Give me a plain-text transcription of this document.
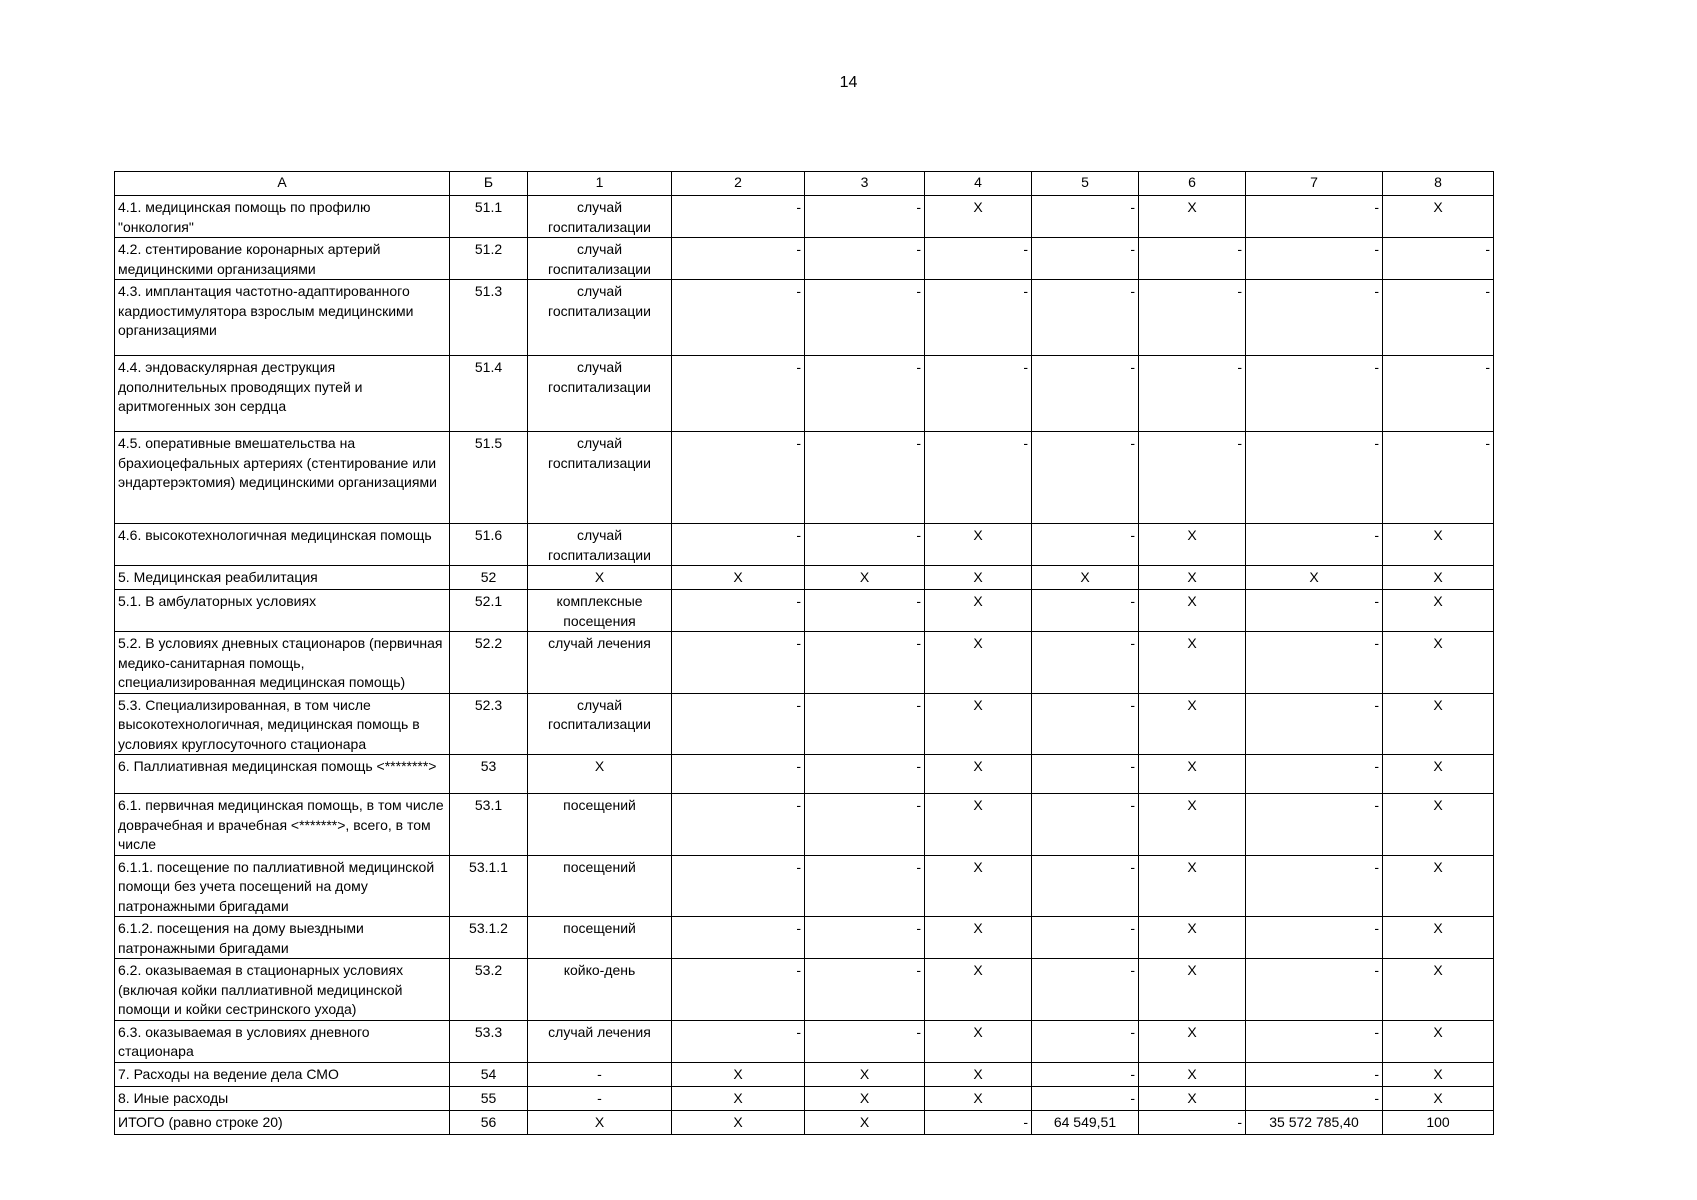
14
А	Б	1	2	3	4	5	6	7	8
4.1. медицинская помощь по профилю "онкология"	51.1	случай госпитализации	-	-	Х	-	Х	-	Х
4.2. стентирование коронарных артерий медицинскими организациями	51.2	случай госпитализации	-	-	-	-	-	-	-
4.3. имплантация частотно-адаптированного кардиостимулятора взрослым медицинскими организациями	51.3	случай госпитализации	-	-	-	-	-	-	-
4.4. эндоваскулярная деструкция дополнительных проводящих путей и аритмогенных зон сердца	51.4	случай госпитализации	-	-	-	-	-	-	-
4.5. оперативные вмешательства на брахиоцефальных артериях (стентирование или эндартерэктомия) медицинскими организациями	51.5	случай госпитализации	-	-	-	-	-	-	-
4.6. высокотехнологичная медицинская помощь	51.6	случай госпитализации	-	-	Х	-	Х	-	Х
5. Медицинская реабилитация	52	Х	Х	Х	Х	Х	Х	Х	Х
5.1. В амбулаторных условиях	52.1	комплексные посещения	-	-	Х	-	Х	-	Х
5.2. В условиях дневных стационаров (первичная медико-санитарная помощь, специализированная медицинская помощь)	52.2	случай лечения	-	-	Х	-	Х	-	Х
5.3. Специализированная, в том числе высокотехнологичная, медицинская помощь в условиях круглосуточного стационара	52.3	случай госпитализации	-	-	Х	-	Х	-	Х
6. Паллиативная медицинская помощь <********>	53	Х	-	-	Х	-	Х	-	Х
6.1. первичная медицинская помощь, в том числе доврачебная и врачебная <*******>, всего, в том числе	53.1	посещений	-	-	Х	-	Х	-	Х
6.1.1. посещение по паллиативной медицинской помощи без учета посещений на дому патронажными бригадами	53.1.1	посещений	-	-	Х	-	Х	-	Х
6.1.2. посещения на дому выездными патронажными бригадами	53.1.2	посещений	-	-	Х	-	Х	-	Х
6.2. оказываемая в стационарных условиях (включая койки паллиативной медицинской помощи и койки сестринского ухода)	53.2	койко-день	-	-	Х	-	Х	-	Х
6.3. оказываемая в условиях дневного стационара	53.3	случай лечения	-	-	Х	-	Х	-	Х
7. Расходы на ведение дела СМО	54	-	Х	Х	Х	-	Х	-	Х
8. Иные расходы	55	-	Х	Х	Х	-	Х	-	Х
ИТОГО (равно строке 20)	56	Х	Х	Х	-	64 549,51	-	35 572 785,40	100
